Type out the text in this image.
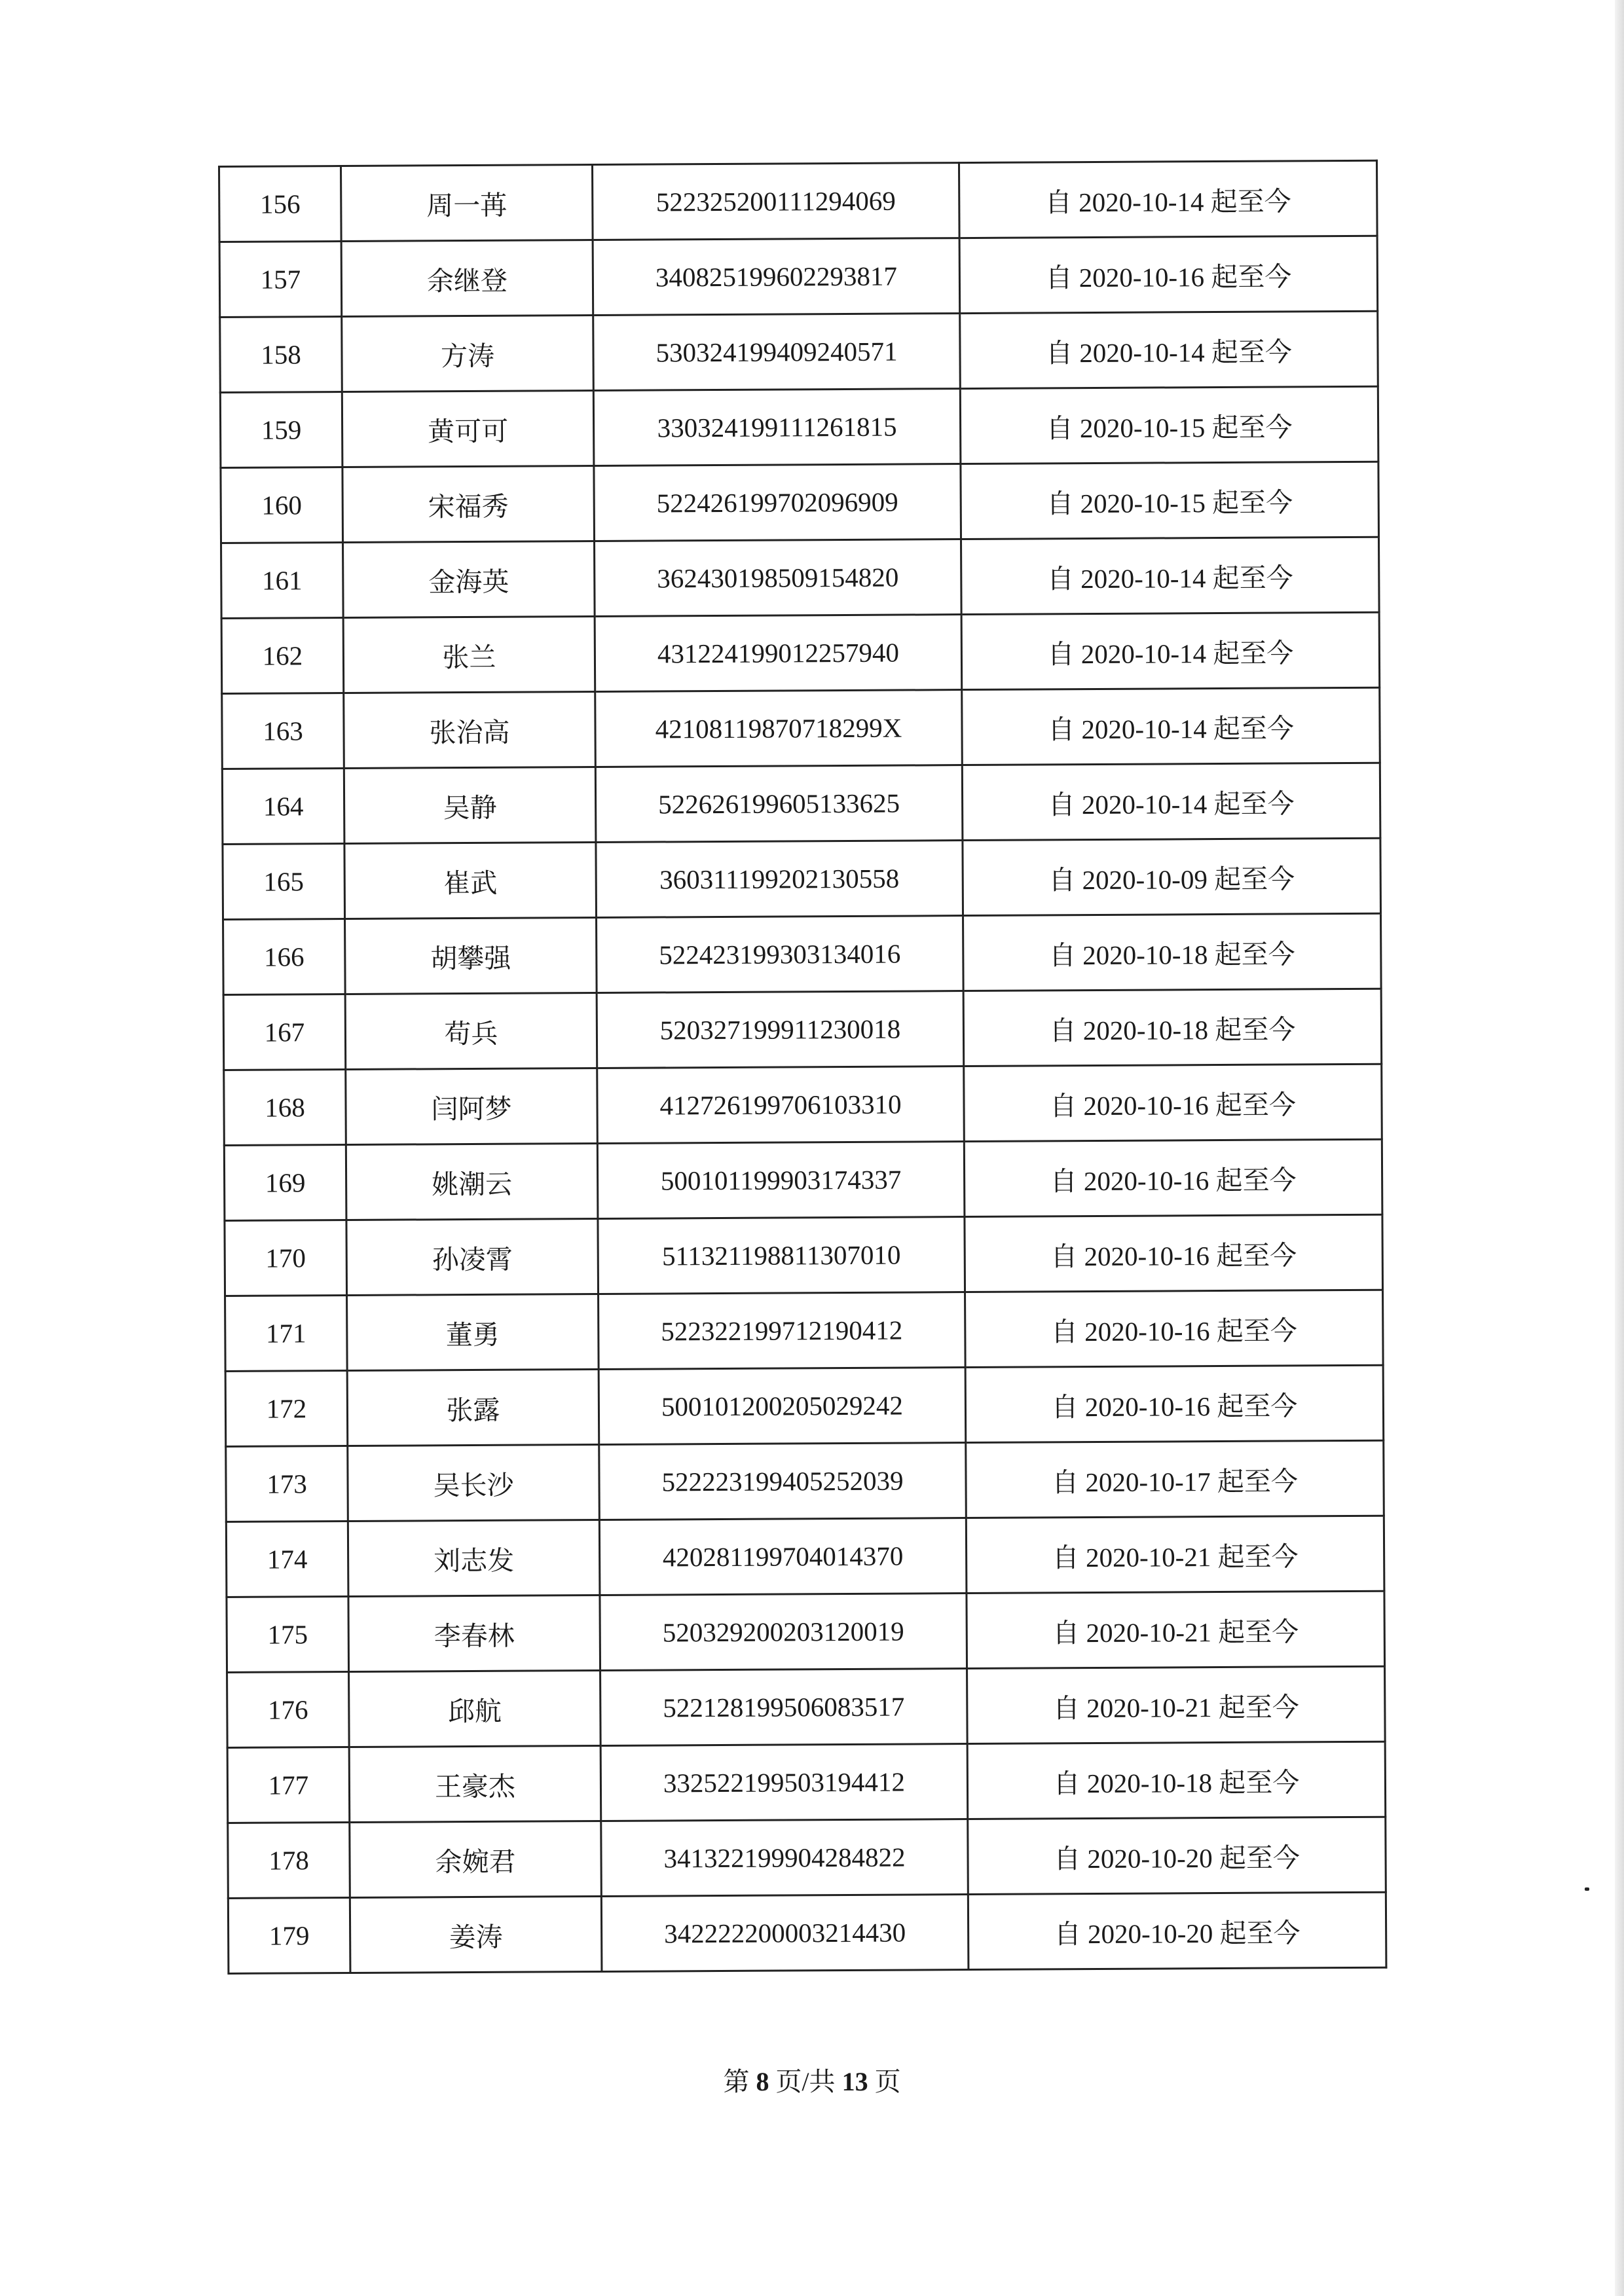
156	周一苒	522325200111294069	自 2020-10-14 起至今
157	余继登	340825199602293817	自 2020-10-16 起至今
158	方涛	530324199409240571	自 2020-10-14 起至今
159	黄可可	330324199111261815	自 2020-10-15 起至今
160	宋福秀	522426199702096909	自 2020-10-15 起至今
161	金海英	362430198509154820	自 2020-10-14 起至今
162	张兰	431224199012257940	自 2020-10-14 起至今
163	张治高	42108119870718299X	自 2020-10-14 起至今
164	吴静	522626199605133625	自 2020-10-14 起至今
165	崔武	360311199202130558	自 2020-10-09 起至今
166	胡攀强	522423199303134016	自 2020-10-18 起至今
167	苟兵	520327199911230018	自 2020-10-18 起至今
168	闫阿梦	412726199706103310	自 2020-10-16 起至今
169	姚潮云	500101199903174337	自 2020-10-16 起至今
170	孙凌霄	511321198811307010	自 2020-10-16 起至今
171	董勇	522322199712190412	自 2020-10-16 起至今
172	张露	500101200205029242	自 2020-10-16 起至今
173	吴长沙	522223199405252039	自 2020-10-17 起至今
174	刘志发	420281199704014370	自 2020-10-21 起至今
175	李春林	520329200203120019	自 2020-10-21 起至今
176	邱航	522128199506083517	自 2020-10-21 起至今
177	王豪杰	332522199503194412	自 2020-10-18 起至今
178	余婉君	341322199904284822	自 2020-10-20 起至今
179	姜涛	342222200003214430	自 2020-10-20 起至今
第 8 页/共 13 页
